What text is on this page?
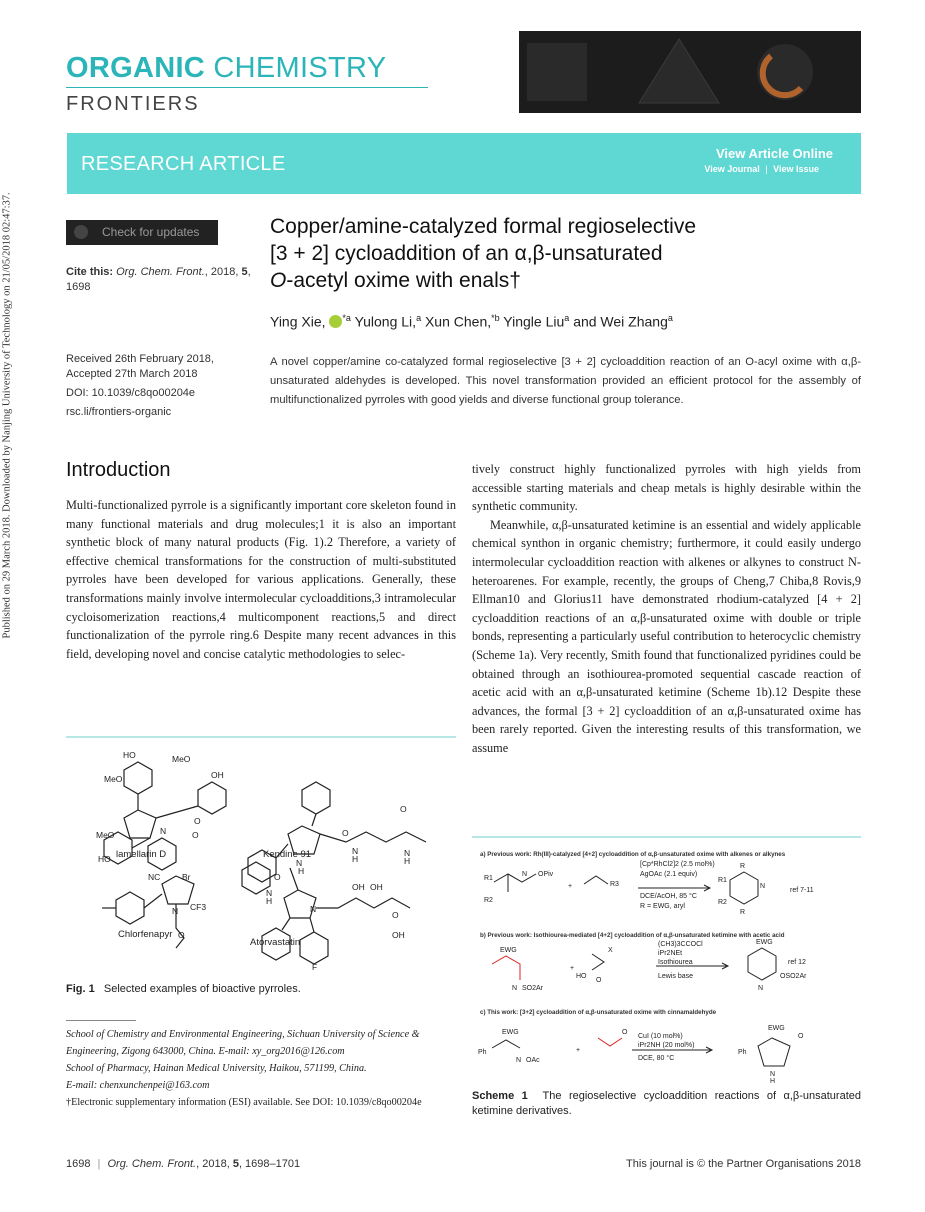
Published on 29 March 2018. Downloaded by Nanjing University of Technology on 21/05/2018 02:47:37.
ORGANIC CHEMISTRY
FRONTIERS
RESEARCH ARTICLE	View Article Online
View Journal | View Issue
Check for updates
Cite this: Org. Chem. Front., 2018, 5,
1698
Received 26th February 2018,
Accepted 27th March 2018
DOI: 10.1039/c8qo00204e
rsc.li/frontiers-organic
Copper/amine-catalyzed formal regioselective
[3 + 2] cycloaddition of an α,β-unsaturated
O-acetyl oxime with enals†
Ying Xie, $^{*a}$ Yulong Li,$^a$ Xun Chen,$^{*b}$ Yingle Liu$^a$ and Wei Zhang$^a$
A novel copper/amine co-catalyzed formal regioselective [3 + 2] cycloaddition reaction of an O-acyl oxime with α,β-unsaturated aldehydes is developed. This novel transformation provided an efficient protocol for the assembly of multifunctionalized pyrroles with good yields and diverse functional group tolerance.
Introduction
Multi-functionalized pyrrole is a significantly important core skeleton found in many functional materials and drug molecules;1 it is also an important synthetic block of many natural products (Fig. 1).2 Therefore, a variety of effective chemical transformations for the construction of multi-substituted pyrroles have been developed for various applications. Generally, these transformations mainly involve intermolecular cycloadditions,3 intramolecular cycloisomerization reactions,4 multicomponent reactions,5 and direct functionalization of the pyrrole ring.6 Despite many recent advances in this field, developing novel and concise catalytic methodologies to selec-

tively construct highly functionalized pyrroles with high yields from accessible starting materials and cheap metals is highly desirable within the synthetic community.

Meanwhile, α,β-unsaturated ketimine is an essential and widely applicable chemical synthon in organic chemistry; furthermore, it could easily undergo intermolecular cycloaddition reaction with alkenes or alkynes to construct N-heteroarenes. For example, recently, the groups of Cheng,7 Chiba,8 Rovis,9 Ellman10 and Glorius11 have demonstrated rhodium-catalyzed [4 + 2] cycloaddition reactions of an α,β-unsaturated oxime with double or triple bonds, representing a particularly useful contribution to heterocyclic chemistry (Scheme 1a). Very recently, Smith found that functionalized pyridines could be obtained through an isothiourea-promoted sequential cascade reaction of acetic acid with an α,β-unsaturated ketimine (Scheme 1b).12 Despite these advances, the formal [3 + 2] cycloaddition of an α,β-unsaturated oxime has been rarely reported. Given the interesting results of this transformation, we assume

HO
MeO	OH
MeO
MeO
HO
N
O
O
N
H
O
N
H
O
N
H
NC	Br
N CF3
O
N
H
O
N
OH OH
O
OH
F
lamellarin D	Kendine 91
Chlorfenapyr
Atorvastatin
Fig. 1 Selected examples of bioactive pyrroles.
School of Chemistry and Environmental Engineering, Sichuan University of Science & Engineering, Zigong 643000, China. E-mail: xy_org2016@126.com
School of Pharmacy, Hainan Medical University, Haikou, 571199, China.
E-mail: chenxunchenpei@163.com
†Electronic supplementary information (ESI) available. See DOI: 10.1039/c8qo00204e
a) Previous work: Rh(III)-catalyzed [4+2] cycloaddition of α,β-unsaturated oxime with alkenes or alkynes
b) Previous work: Isothiourea-mediated [4+2] cycloaddition of α,β-unsaturated ketimine with acetic acid
c) This work: [3+2] cycloaddition of α,β-unsaturated oxime with cinnamaldehyde
[Cp*RhCl2]2 (2.5 mol%)
AgOAc (2.1 equiv)
DCE/AcOH, 85 °C
R = EWG, aryl
ref 7-11
(CH3)3CCOCl
iPr2NEt
Isothiourea
Lewis base
ref 12
CuI (10 mol%)
iPr2NH (20 mol%)
DCE, 80 °C
R1
R2
N OPiv
R3
R
R1
N
R2
R
EWG
N SO2Ar
X
HO
O
EWG
N
OSO2Ar
EWG
Ph
N OAc
O
EWG
Ph
N
H
O
+
+
+
Scheme 1 The regioselective cycloaddition reactions of α,β-unsaturated ketimine derivatives.
1698 | Org. Chem. Front., 2018, 5, 1698–1701	This journal is © the Partner Organisations 2018
